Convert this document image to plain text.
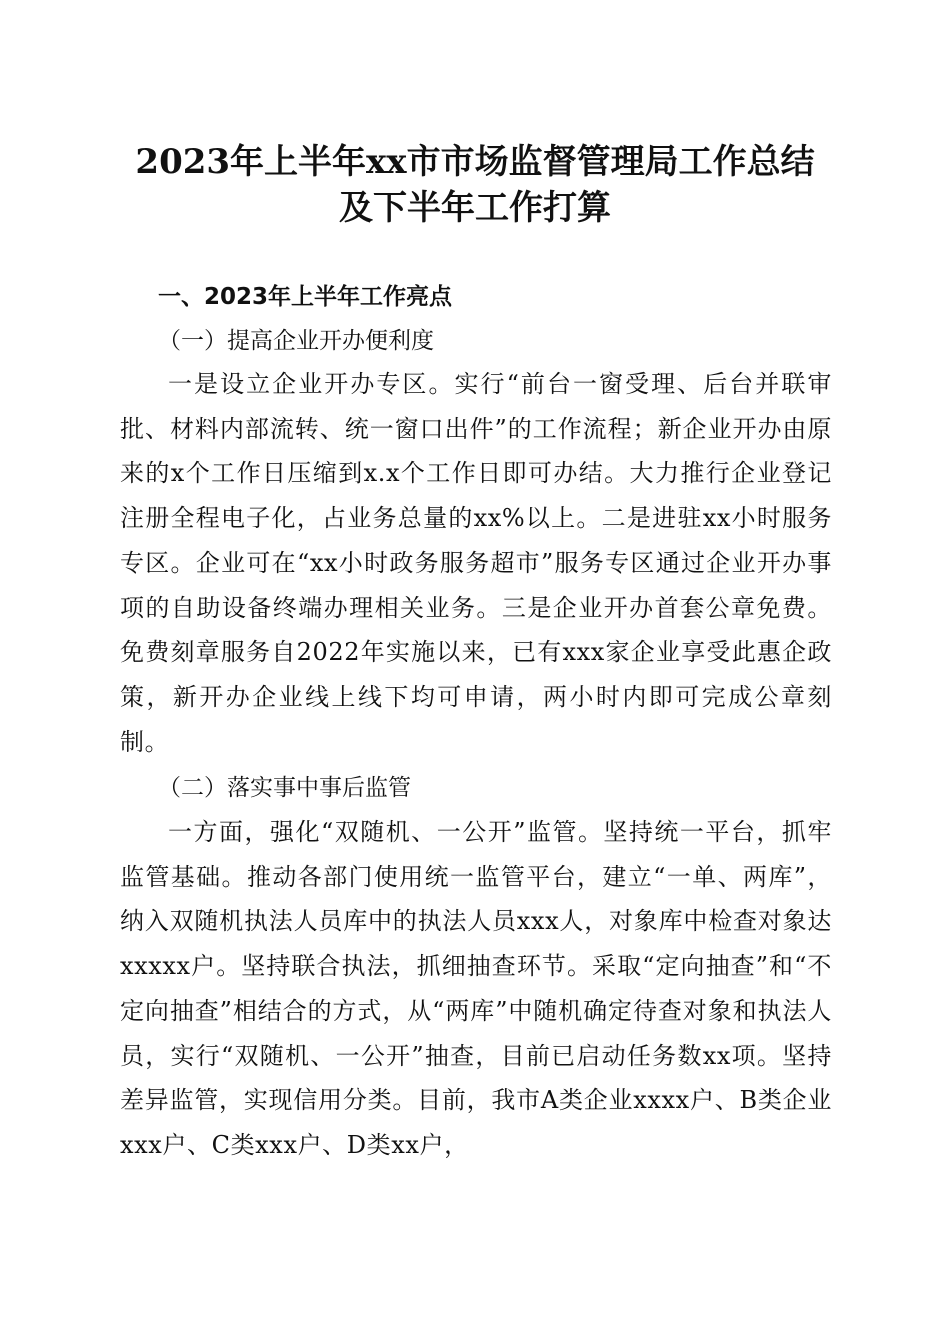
2023年上半年xx市市场监督管理局工作总结
及下半年工作打算
一、2023年上半年工作亮点
（一）提高企业开办便利度

一是设立企业开办专区。实行“前台一窗受理、后台并联审批、材料内部流转、统一窗口出件”的工作流程；新企业开办由原来的x个工作日压缩到x.x个工作日即可办结。大力推行企业登记注册全程电子化，占业务总量的xx%以上。二是进驻xx小时服务专区。企业可在“xx小时政务服务超市”服务专区通过企业开办事项的自助设备终端办理相关业务。三是企业开办首套公章免费。免费刻章服务自2022年实施以来，已有xxx家企业享受此惠企政策，新开办企业线上线下均可申请，两小时内即可完成公章刻制。

（二）落实事中事后监管

一方面，强化“双随机、一公开”监管。坚持统一平台，抓牢监管基础。推动各部门使用统一监管平台，建立“一单、两库”，纳入双随机执法人员库中的执法人员xxx人，对象库中检查对象达xxxxx户。坚持联合执法，抓细抽查环节。采取“定向抽查”和“不定向抽查”相结合的方式，从“两库”中随机确定待查对象和执法人员，实行“双随机、一公开”抽查，目前已启动任务数xx项。坚持差异监管，实现信用分类。目前，我市A类企业xxxx户、B类企业xxx户、C类xxx户、D类xx户，
